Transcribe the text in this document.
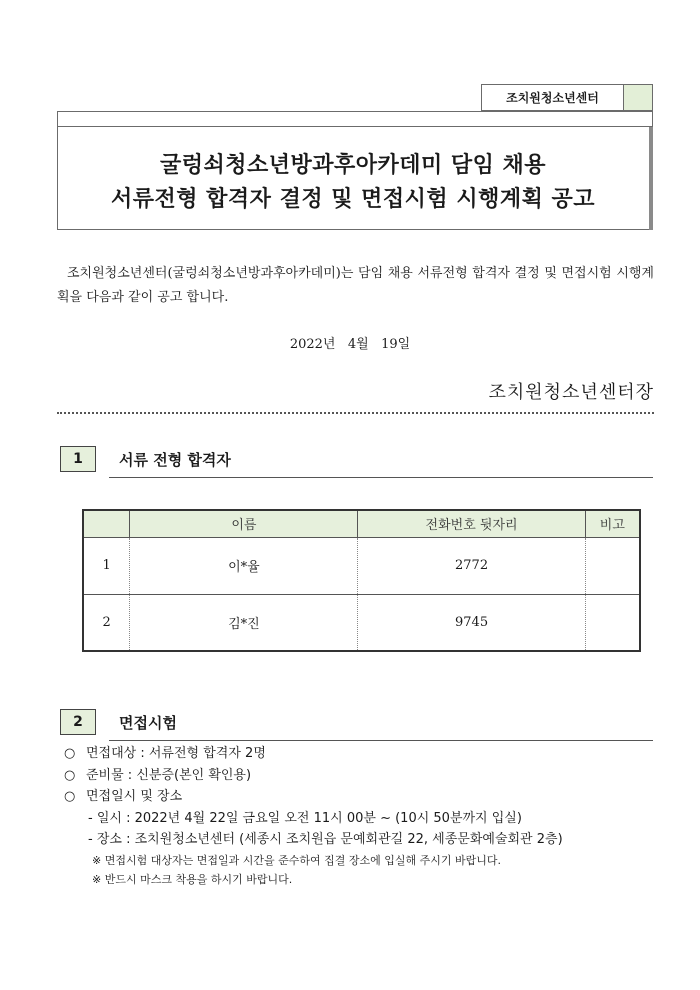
조치원청소년센터
굴렁쇠청소년방과후아카데미 담임 채용
서류전형 합격자 결정 및 면접시험 시행계획 공고
조치원청소년센터(굴렁쇠청소년방과후아카데미)는 담임 채용 서류전형 합격자 결정 및 면접시험 시행계획을 다음과 같이 공고 합니다.
2022년   4월   19일
조치원청소년센터장
1	서류 전형 합격자
	이름	전화번호 뒷자리	비고
1	이*율	2772	
2	김*진	9745	
2	면접시험
○ 면접대상 : 서류전형 합격자 2명
○ 준비물 : 신분증(본인 확인용)
○ 면접일시 및 장소
- 일시 : 2022년 4월 22일 금요일 오전 11시 00분 ~ (10시 50분까지 입실)
- 장소 : 조치원청소년센터 (세종시 조치원읍 문예회관길 22, 세종문화예술회관 2층)
※ 면접시험 대상자는 면접일과 시간을 준수하여 집결 장소에 입실해 주시기 바랍니다.
※ 반드시 마스크 착용을 하시기 바랍니다.
